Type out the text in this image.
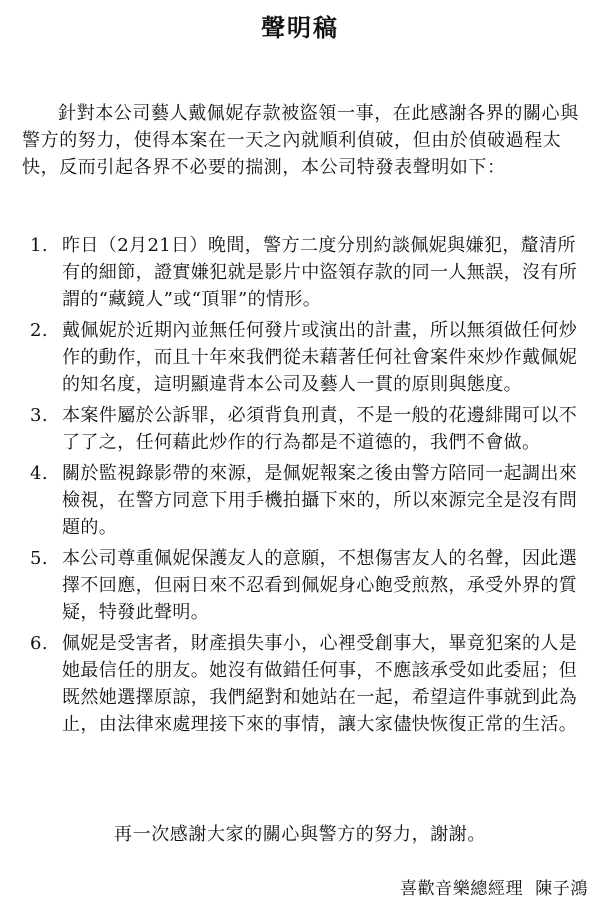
聲明稿

針對本公司藝人戴佩妮存款被盜領一事，在此感謝各界的關心與警方的努力，使得本案在一天之內就順利偵破，但由於偵破過程太快，反而引起各界不必要的揣測，本公司特發表聲明如下：

1. 昨日（2月21日）晚間，警方二度分別約談佩妮與嫌犯，釐清所有的細節，證實嫌犯就是影片中盜領存款的同一人無誤，沒有所謂的“藏鏡人”或“頂罪”的情形。
2. 戴佩妮於近期內並無任何發片或演出的計畫，所以無須做任何炒作的動作，而且十年來我們從未藉著任何社會案件來炒作戴佩妮的知名度，這明顯違背本公司及藝人一貫的原則與態度。
3. 本案件屬於公訴罪，必須背負刑責，不是一般的花邊緋聞可以不了了之，任何藉此炒作的行為都是不道德的，我們不會做。
4. 關於監視錄影帶的來源，是佩妮報案之後由警方陪同一起調出來檢視，在警方同意下用手機拍攝下來的，所以來源完全是沒有問題的。
5. 本公司尊重佩妮保護友人的意願，不想傷害友人的名聲，因此選擇不回應，但兩日來不忍看到佩妮身心飽受煎熬，承受外界的質疑，特發此聲明。
6. 佩妮是受害者，財產損失事小，心裡受創事大，畢竟犯案的人是她最信任的朋友。她沒有做錯任何事，不應該承受如此委屈；但既然她選擇原諒，我們絕對和她站在一起，希望這件事就到此為止，由法律來處理接下來的事情，讓大家儘快恢復正常的生活。

再一次感謝大家的關心與警方的努力，謝謝。

喜歡音樂總經理 陳子鴻
